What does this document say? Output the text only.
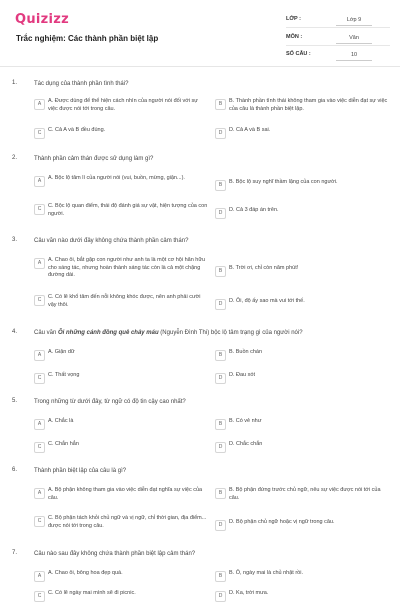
Quizizz
Trắc nghiệm: Các thành phần biệt lập
LỚP :	Lớp 9
MÔN :	Văn
SỐ CÂU :	10
1.	Tác dụng của thành phần tình thái?
A	A. Được dùng để thể hiện cách nhìn của người nói đối với sự việc được nói tới trong câu.
B	B. Thành phần tình thái không tham gia vào việc diễn đạt sự việc của câu là thành phần biệt lập.
C	C. Cả A và B đều đúng.	D	D. Cả A và B sai.
2.	Thành phần cảm thán được sử dụng làm gì?
A	A. Bộc lộ tâm lí của người nói (vui, buồn, mừng, giận...).
B	B. Bộc lộ suy nghĩ thầm lặng của con người.
C	C. Bộc lộ quan điểm, thái độ đánh giá sự vật, hiện tượng của con người.	D	D. Cả 3 đáp án trên.
3.	Câu văn nào dưới đây không chứa thành phần cảm thán?
A	A. Chao ôi, bắt gặp con người như anh ta là một cơ hội hãn hữu cho sáng tác, nhưng hoàn thành sáng tác còn là cả một chặng đường dài.
B	B. Trời ơi, chỉ còn năm phút!
C	C. Có lẽ khổ tâm đến nỗi không khóc được, nên anh phải cười vậy thôi.	D	D. Ôi, độ ấy sao mà vui tới thế.
4.	Câu văn Ôi những cánh đồng quê chảy máu (Nguyễn Đình Thi) bộc lộ tâm trạng gì của người nói?
A	A. Giận dữ	B	B. Buồn chán
C	C. Thất vọng	D	D. Đau xót
5.	Trong những từ dưới đây, từ ngữ có độ tin cậy cao nhất?
A	A. Chắc là	B	B. Có vẻ như
C	C. Chắn hẳn	D	D. Chắc chắn
6.	Thành phần biệt lập của câu là gì?
A	A. Bộ phận không tham gia vào việc diễn đạt nghĩa sự việc của câu.
B	B. Bộ phận đứng trước chủ ngữ, nêu sự việc được nói tới của câu.
C	C. Bộ phận tách khỏi chủ ngữ và vị ngữ, chỉ thời gian, địa điểm... được nói tới trong câu.	D	D. Bộ phận chủ ngữ hoặc vị ngữ trong câu.
7.	Câu nào sau đây không chứa thành phần biệt lập cảm thán?
A	A. Chao ôi, bông hoa đẹp quá.	B	B. Ô, ngày mai là chủ nhật rồi.
C	C. Có lẽ ngày mai mình sẽ đi picnic.	D	D. Ka, trời mưa.
